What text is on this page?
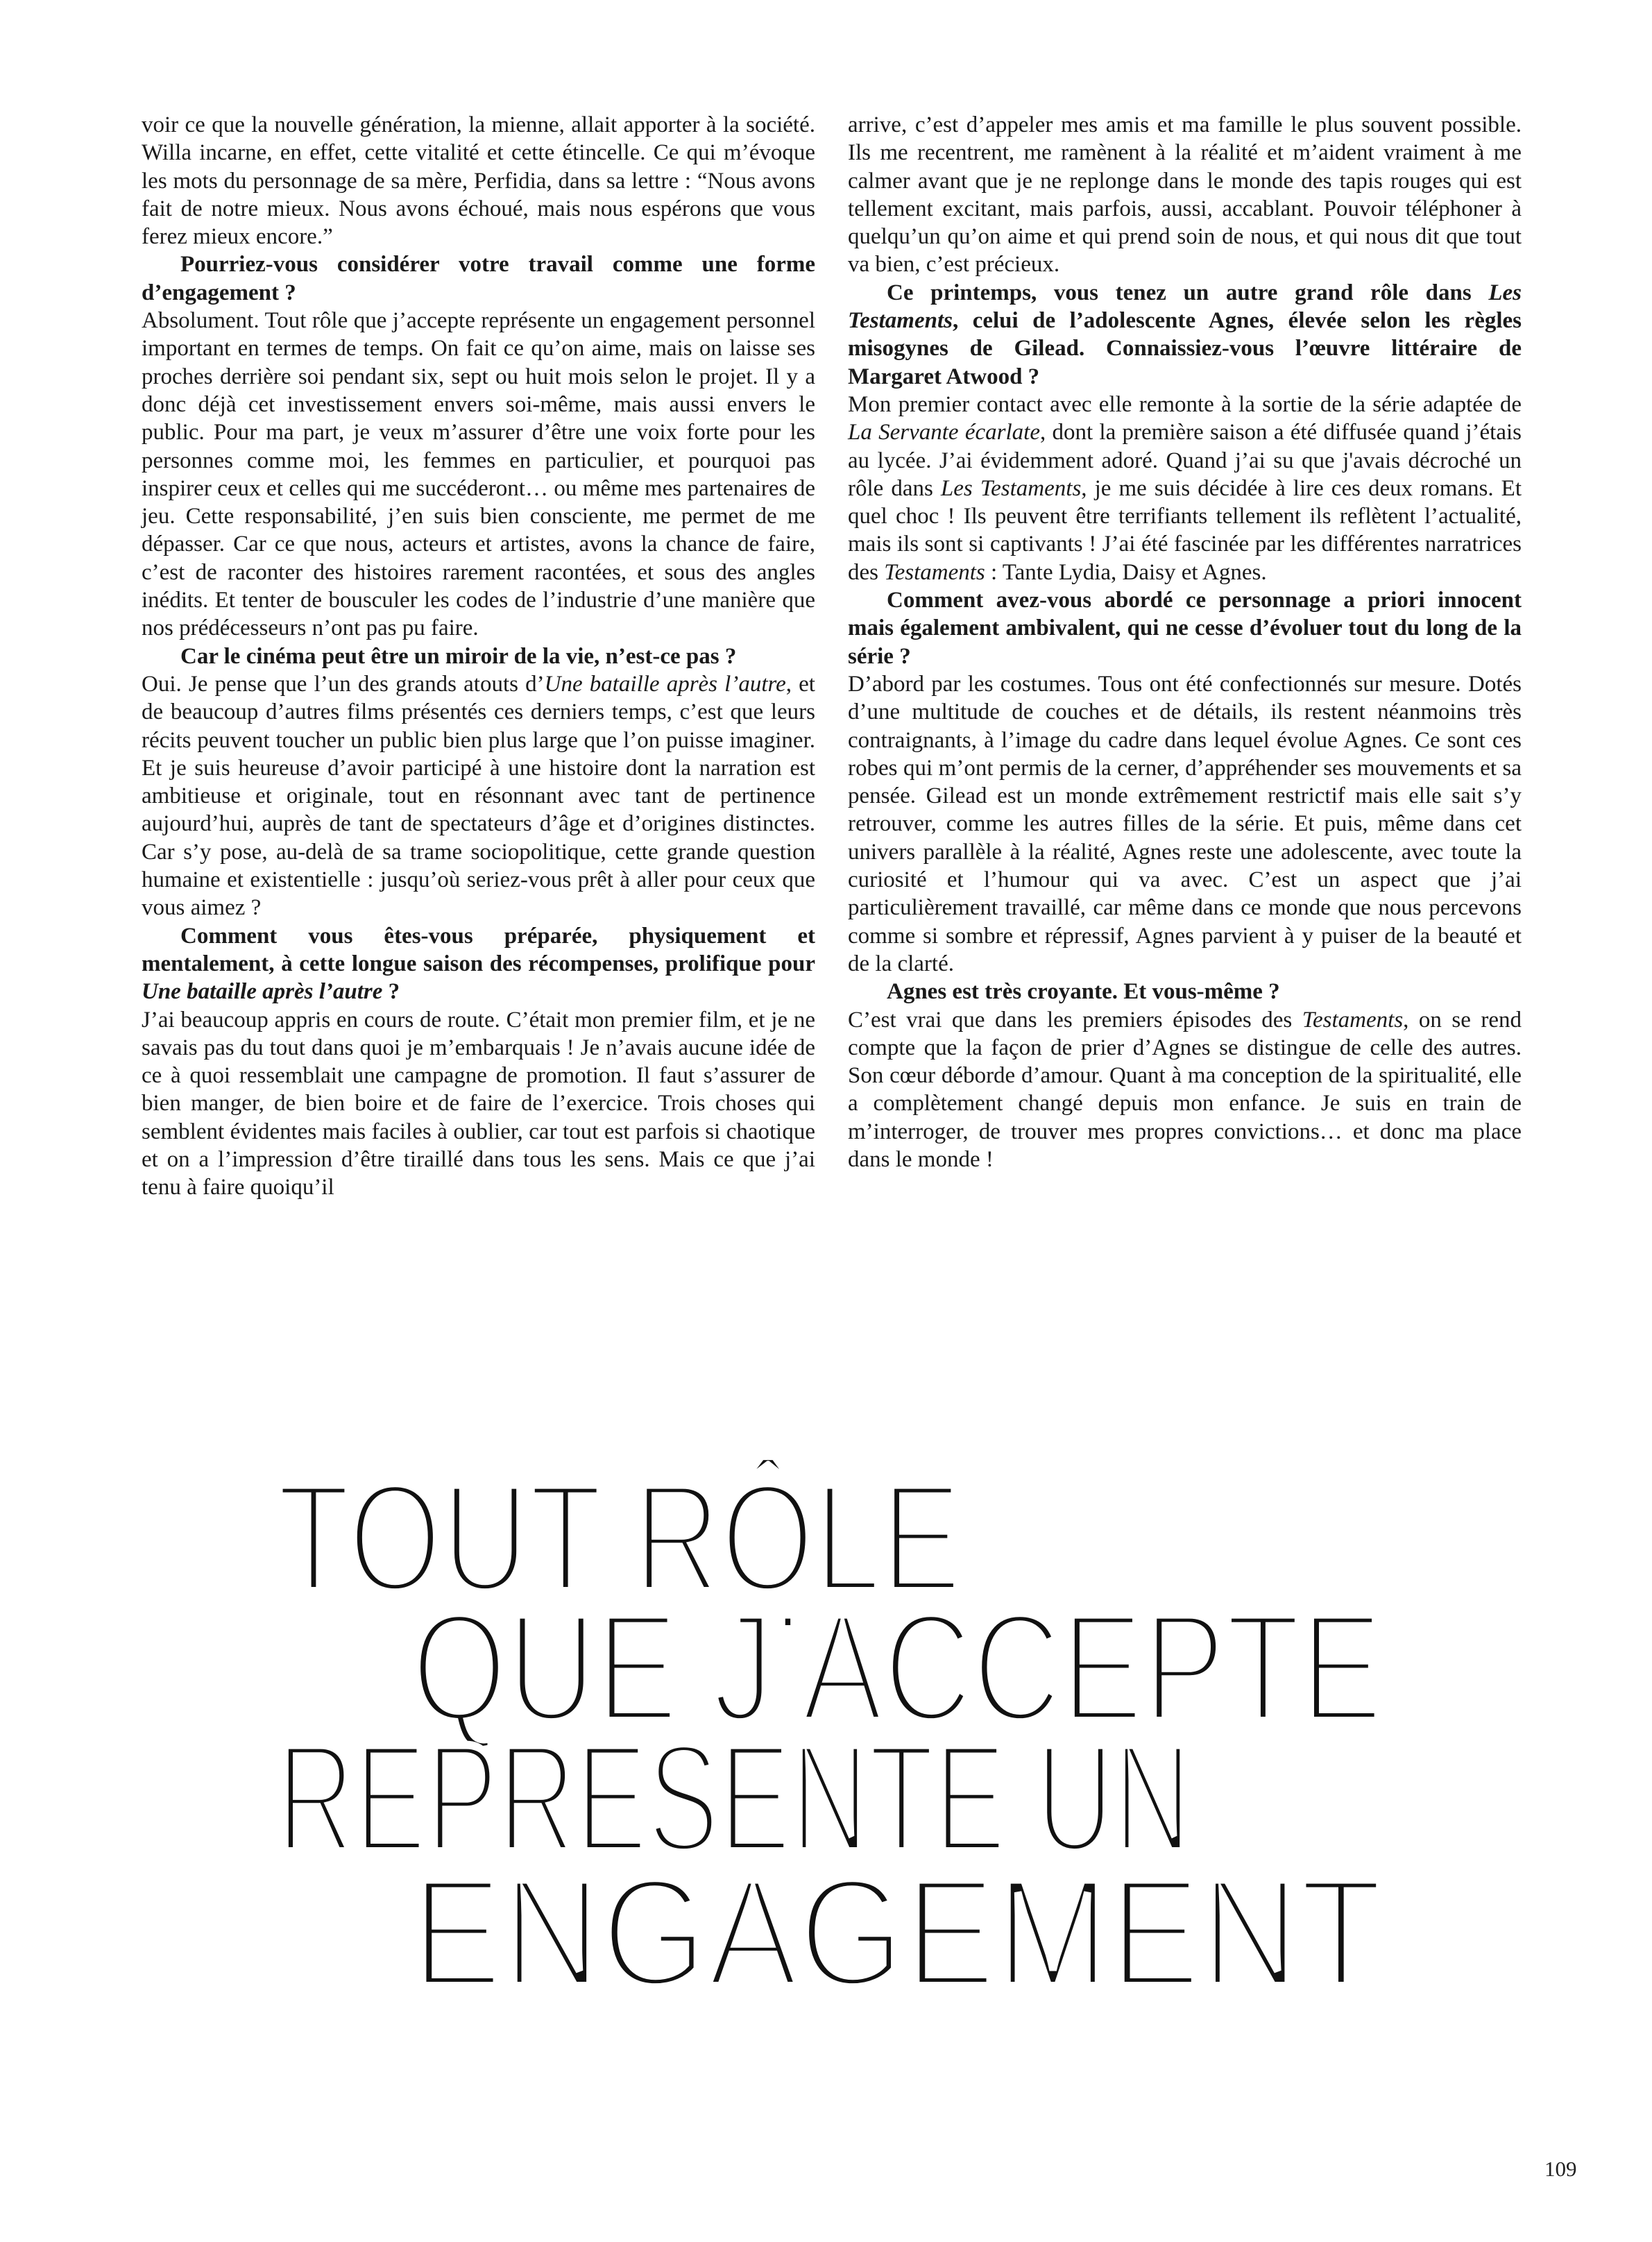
voir ce que la nouvelle génération, la mienne, allait apporter à la société. Willa incarne, en effet, cette vitalité et cette étincelle. Ce qui m’évoque les mots du personnage de sa mère, Perfidia, dans sa lettre : “Nous avons fait de notre mieux. Nous avons échoué, mais nous espérons que vous ferez mieux encore.”

Pourriez-vous considérer votre travail comme une forme d’engagement ?

Absolument. Tout rôle que j’accepte représente un engagement personnel important en termes de temps. On fait ce qu’on aime, mais on laisse ses proches derrière soi pendant six, sept ou huit mois selon le projet. Il y a donc déjà cet investissement envers soi-même, mais aussi envers le public. Pour ma part, je veux m’assurer d’être une voix forte pour les personnes comme moi, les femmes en particulier, et pourquoi pas inspirer ceux et celles qui me succéderont… ou même mes partenaires de jeu. Cette responsabilité, j’en suis bien consciente, me permet de me dépasser. Car ce que nous, acteurs et artistes, avons la chance de faire, c’est de raconter des histoires rarement racontées, et sous des angles inédits. Et tenter de bousculer les codes de l’industrie d’une manière que nos prédécesseurs n’ont pas pu faire.

Car le cinéma peut être un miroir de la vie, n’est-ce pas ?

Oui. Je pense que l’un des grands atouts d’Une bataille après l’autre, et de beaucoup d’autres films présentés ces derniers temps, c’est que leurs récits peuvent toucher un public bien plus large que l’on puisse imaginer. Et je suis heureuse d’avoir participé à une histoire dont la narration est ambitieuse et originale, tout en résonnant avec tant de pertinence aujourd’hui, auprès de tant de spectateurs d’âge et d’origines distinctes. Car s’y pose, au-delà de sa trame sociopolitique, cette grande question humaine et existentielle : jusqu’où seriez-vous prêt à aller pour ceux que vous aimez ?

Comment vous êtes-vous préparée, physiquement et mentalement, à cette longue saison des récompenses, prolifique pour Une bataille après l’autre ?

J’ai beaucoup appris en cours de route. C’était mon premier film, et je ne savais pas du tout dans quoi je m’embarquais ! Je n’avais aucune idée de ce à quoi ressemblait une campagne de promotion. Il faut s’assurer de bien manger, de bien boire et de faire de l’exercice. Trois choses qui semblent évidentes mais faciles à oublier, car tout est parfois si chaotique et on a l’impression d’être tiraillé dans tous les sens. Mais ce que j’ai tenu à faire quoiqu’il

arrive, c’est d’appeler mes amis et ma famille le plus souvent possible. Ils me recentrent, me ramènent à la réalité et m’aident vraiment à me calmer avant que je ne replonge dans le monde des tapis rouges qui est tellement excitant, mais parfois, aussi, accablant. Pouvoir téléphoner à quelqu’un qu’on aime et qui prend soin de nous, et qui nous dit que tout va bien, c’est précieux.

Ce printemps, vous tenez un autre grand rôle dans Les Testaments, celui de l’adolescente Agnes, élevée selon les règles misogynes de Gilead. Connaissiez-vous l’œuvre littéraire de Margaret Atwood ?

Mon premier contact avec elle remonte à la sortie de la série adaptée de La Servante écarlate, dont la première saison a été diffusée quand j’étais au lycée. J’ai évidemment adoré. Quand j’ai su que j'avais décroché un rôle dans Les Testaments, je me suis décidée à lire ces deux romans. Et quel choc ! Ils peuvent être terrifiants tellement ils reflètent l’actualité, mais ils sont si captivants ! J’ai été fascinée par les différentes narratrices des Testaments : Tante Lydia, Daisy et Agnes.

Comment avez-vous abordé ce personnage a priori innocent mais également ambivalent, qui ne cesse d’évoluer tout du long de la série ?

D’abord par les costumes. Tous ont été confectionnés sur mesure. Dotés d’une multitude de couches et de détails, ils restent néanmoins très contraignants, à l’image du cadre dans lequel évolue Agnes. Ce sont ces robes qui m’ont permis de la cerner, d’appréhender ses mouvements et sa pensée. Gilead est un monde extrêmement restrictif mais elle sait s’y retrouver, comme les autres filles de la série. Et puis, même dans cet univers parallèle à la réalité, Agnes reste une adolescente, avec toute la curiosité et l’humour qui va avec. C’est un aspect que j’ai particulièrement travaillé, car même dans ce monde que nous percevons comme si sombre et répressif, Agnes parvient à y puiser de la beauté et de la clarté.

Agnes est très croyante. Et vous-même ?

C’est vrai que dans les premiers épisodes des Testaments, on se rend compte que la façon de prier d’Agnes se distingue de celle des autres. Son cœur déborde d’amour. Quant à ma conception de la spiritualité, elle a complètement changé depuis mon enfance. Je suis en train de m’interroger, de trouver mes propres convictions… et donc ma place dans le monde !

TOUT RÔLE
QUE J’ACCEPTE
REPRESENTE UN
ENGAGEMENT
109
